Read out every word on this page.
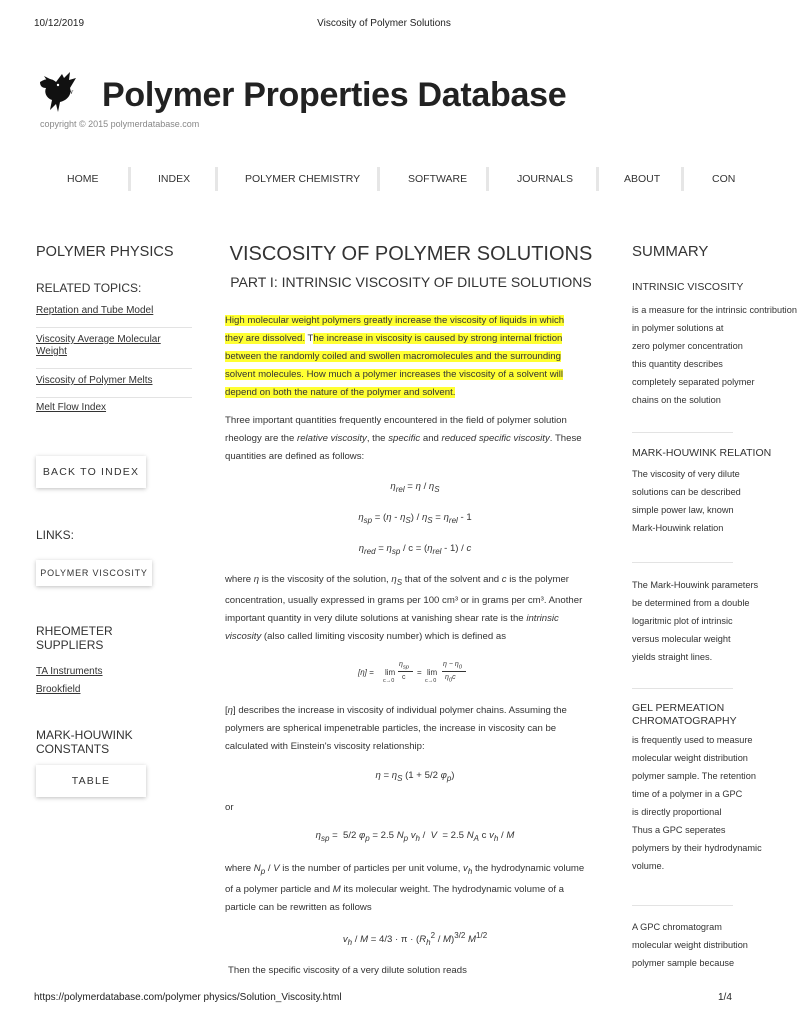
10/12/2019	Viscosity of Polymer Solutions
https://polymerdatabase.com/polymer physics/Solution_Viscosity.html	1/4
ROW Polymer Properties Database
copyright © 2015 polymerdatabase.com
HOME	INDEX	POLYMER CHEMISTRY	SOFTWARE	JOURNALS	ABOUT	CON
POLYMER PHYSICS
RELATED TOPICS:
Reptation and Tube Model
Viscosity Average Molecular
Weight
Viscosity of Polymer Melts
Melt Flow Index
BACK TO INDEX
LINKS:
POLYMER VISCOSITY
RHEOMETER
SUPPLIERS
TA Instruments
Brookfield
MARK-HOUWINK
CONSTANTS
TABLE
VISCOSITY OF POLYMER SOLUTIONS
PART I: INTRINSIC VISCOSITY OF DILUTE SOLUTIONS
High molecular weight polymers greatly increase the viscosity of liquids in which
they are dissolved. The increase in viscosity is caused by strong internal friction
between the randomly coiled and swollen macromolecules and the surrounding
solvent molecules. How much a polymer increases the viscosity of a solvent will
depend on both the nature of the polymer and solvent.
Three important quantities frequently encountered in the field of polymer solution
rheology are the relative viscosity, the specific and reduced specific viscosity. These
quantities are defined as follows:
$\eta_{rel} = \eta / \eta_S$
$\eta_{sp} = (\eta - \eta_S) / \eta_S = \eta_{rel} - 1$
$\eta_{red} = \eta_{sp} / c = (\eta_{rel} - 1) / c$
where η is the viscosity of the solution, $\eta_S$ that of the solvent and c is the polymer
concentration, usually expressed in grams per 100 cm³ or in grams per cm³. Another
important quantity in very dilute solutions at vanishing shear rate is the intrinsic
viscosity (also called limiting viscosity number) which is defined as
[η] = lim
c→0
$\eta_{sp}$
c
= lim
c→0
$\eta - \eta_0$
$\eta_0c$
[η] describes the increase in viscosity of individual polymer chains. Assuming the
polymers are spherical impenetrable particles, the increase in viscosity can be
calculated with Einstein's viscosity relationship:
$\eta = \eta_S$ (1 + 5/2 $\varphi_p$)
or
$\eta_{sp} = 5/2$ $\varphi_p = 2.5$ $N_p$ $v_h / V = 2.5$ $N_A$ c $v_h$ / M
where $N_p$ / V is the number of particles per unit volume, $v_h$ the hydrodynamic volume
of a polymer particle and M its molecular weight. The hydrodynamic volume of a
particle can be rewritten as follows
$v_h / M = 4/3 \cdot \pi \cdot (R_h^2 / M)^{3/2}$ $M^{1/2}$
Then the specific viscosity of a very dilute solution reads
SUMMARY
INTRINSIC VISCOSITY
is a measure for the intrinsic contribution
in polymer solutions at
zero polymer concentration
this quantity describes
completely separated polymer
chains on the solution
MARK-HOUWINK RELATION
The viscosity of very dilute
solutions can be described
simple power law, known
Mark-Houwink relation
The Mark-Houwink parameters
be determined from a double
logaritmic plot of intrinsic
versus molecular weight
yields straight lines.
GEL PERMEATION
CHROMATOGRAPHY
is frequently used to measure
molecular weight distribution
polymer sample. The retention
time of a polymer in a GPC
is directly proportional
Thus a GPC seperates
polymers by their hydrodynamic
volume.
A GPC chromatogram
molecular weight distribution
polymer sample because
